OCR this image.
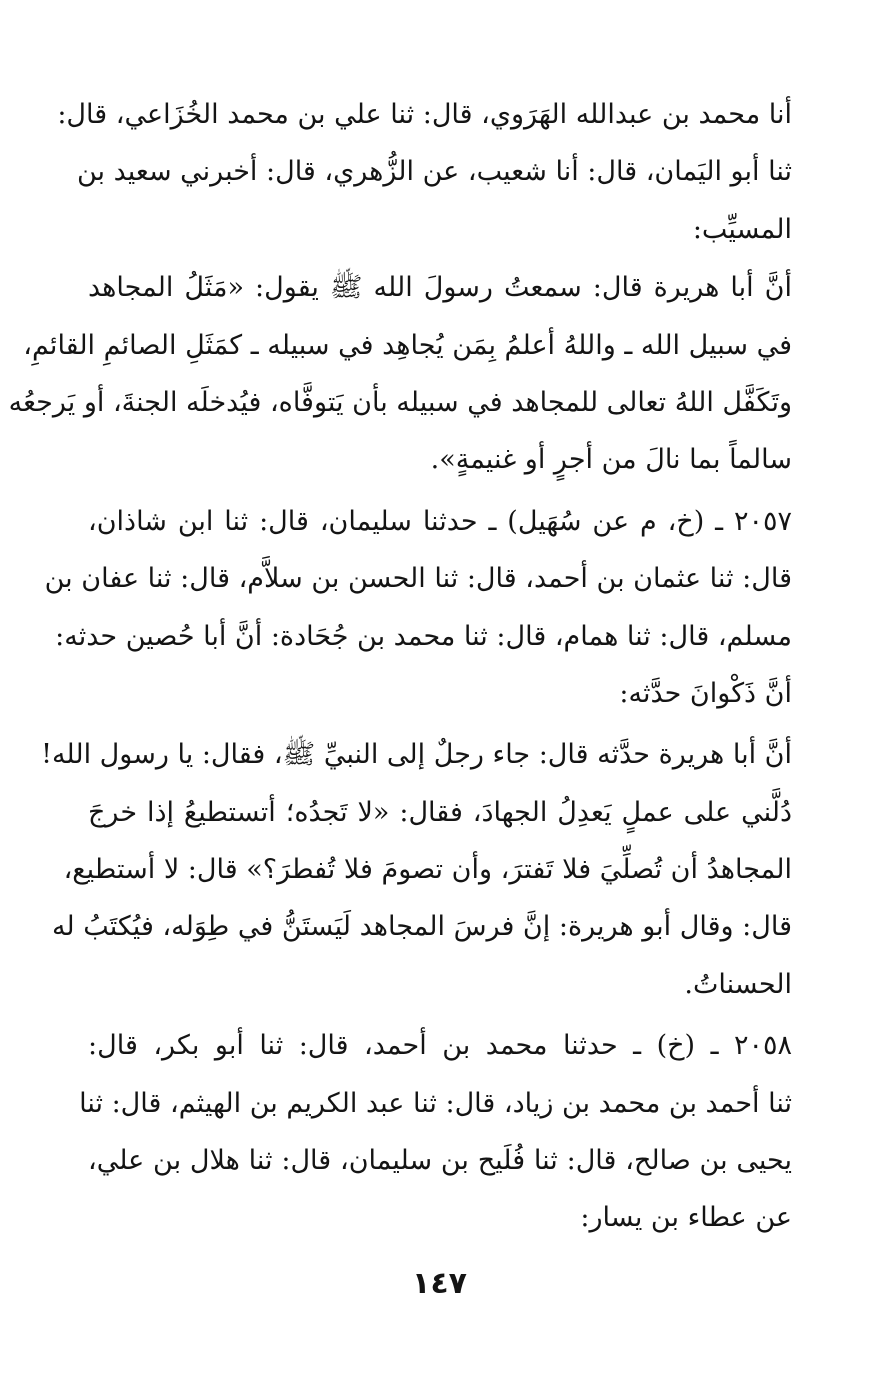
أنا محمد بن عبدالله الهَرَوي، قال: ثنا علي بن محمد الخُزَاعي، قال:
ثنا أبو اليَمان، قال: أنا شعيب، عن الزُّهري، قال: أخبرني سعيد بن
المسيِّب:
أنَّ أبا هريرة قال: سمعتُ رسولَ الله ﷺ يقول: «مَثَلُ المجاهد
في سبيل الله ـ واللهُ أعلمُ بِمَن يُجاهِد في سبيله ـ كمَثَلِ الصائمِ القائمِ،
وتَكَفَّل اللهُ تعالى للمجاهد في سبيله بأن يَتوفَّاه، فيُدخلَه الجنةَ، أو يَرجعُه
سالماً بما نالَ من أجرٍ أو غنيمةٍ».
٢٠٥٧ ـ (خ، م عن سُهَيل) ـ حدثنا سليمان، قال: ثنا ابن شاذان،
قال: ثنا عثمان بن أحمد، قال: ثنا الحسن بن سلاَّم، قال: ثنا عفان بن
مسلم، قال: ثنا همام، قال: ثنا محمد بن جُحَادة: أنَّ أبا حُصين حدثه:
أنَّ ذَكْوانَ حدَّثه:
أنَّ أبا هريرة حدَّثه قال: جاء رجلٌ إلى النبيِّ ﷺ، فقال: يا رسول الله!
دُلَّني على عملٍ يَعدِلُ الجهادَ، فقال: «لا تَجدُه؛ أتستطيعُ إذا خرجَ
المجاهدُ أن تُصلِّيَ فلا تَفترَ، وأن تصومَ فلا تُفطرَ؟» قال: لا أستطيع،
قال: وقال أبو هريرة: إنَّ فرسَ المجاهد لَيَستَنُّ في طِوَله، فيُكتَبُ له
الحسناتُ.
٢٠٥٨ ـ (خ) ـ حدثنا محمد بن أحمد، قال: ثنا أبو بكر، قال:
ثنا أحمد بن محمد بن زياد، قال: ثنا عبد الكريم بن الهيثم، قال: ثنا
يحيى بن صالح، قال: ثنا فُلَيح بن سليمان، قال: ثنا هلال بن علي،
عن عطاء بن يسار:
١٤٧
